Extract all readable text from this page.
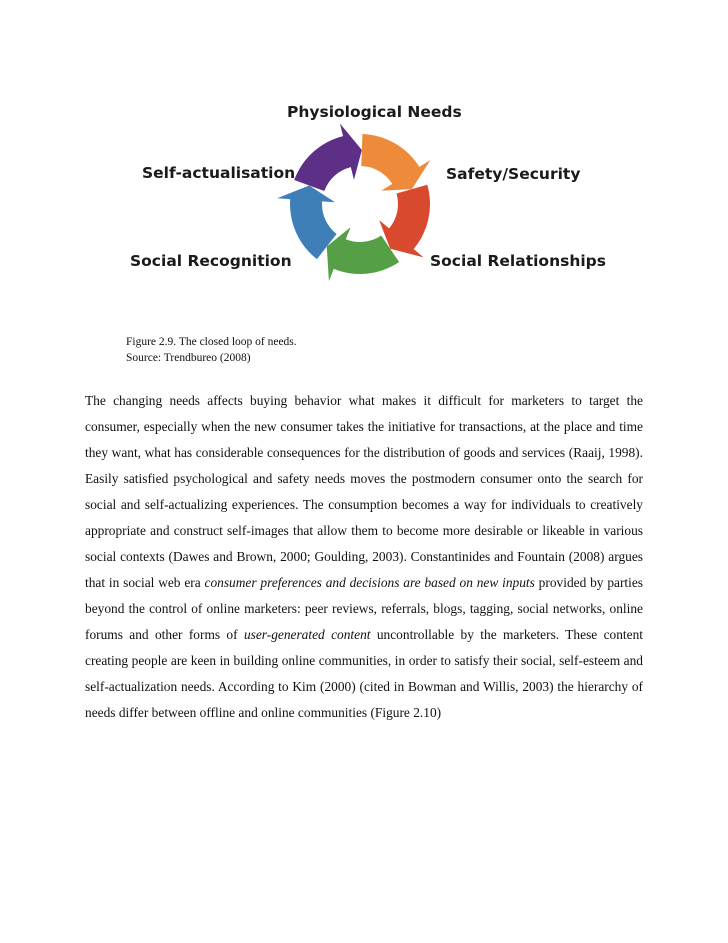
Physiological Needs
Safety/Security
Social Relationships
Social Recognition
Self-actualisation
Figure 2.9. The closed loop of needs.
Source: Trendbureo (2008)

The changing needs affects buying behavior what makes it difficult for marketers to target the consumer, especially when the new consumer takes the initiative for transactions, at the place and time they want, what has considerable consequences for the distribution of goods and services (Raaij, 1998). Easily satisfied psychological and safety needs moves the postmodern consumer onto the search for social and self-actualizing experiences. The consumption becomes a way for individuals to creatively appropriate and construct self-images that allow them to become more desirable or likeable in various social contexts (Dawes and Brown, 2000; Goulding, 2003). Constantinides and Fountain (2008) argues that in social web era consumer preferences and decisions are based on new inputs provided by parties beyond the control of online marketers: peer reviews, referrals, blogs, tagging, social networks, online forums and other forms of user-generated content uncontrollable by the marketers. These content creating people are keen in building online communities, in order to satisfy their social, self-esteem and self-actualization needs. According to Kim (2000) (cited in Bowman and Willis, 2003) the hierarchy of needs differ between offline and online communities (Figure 2.10)
